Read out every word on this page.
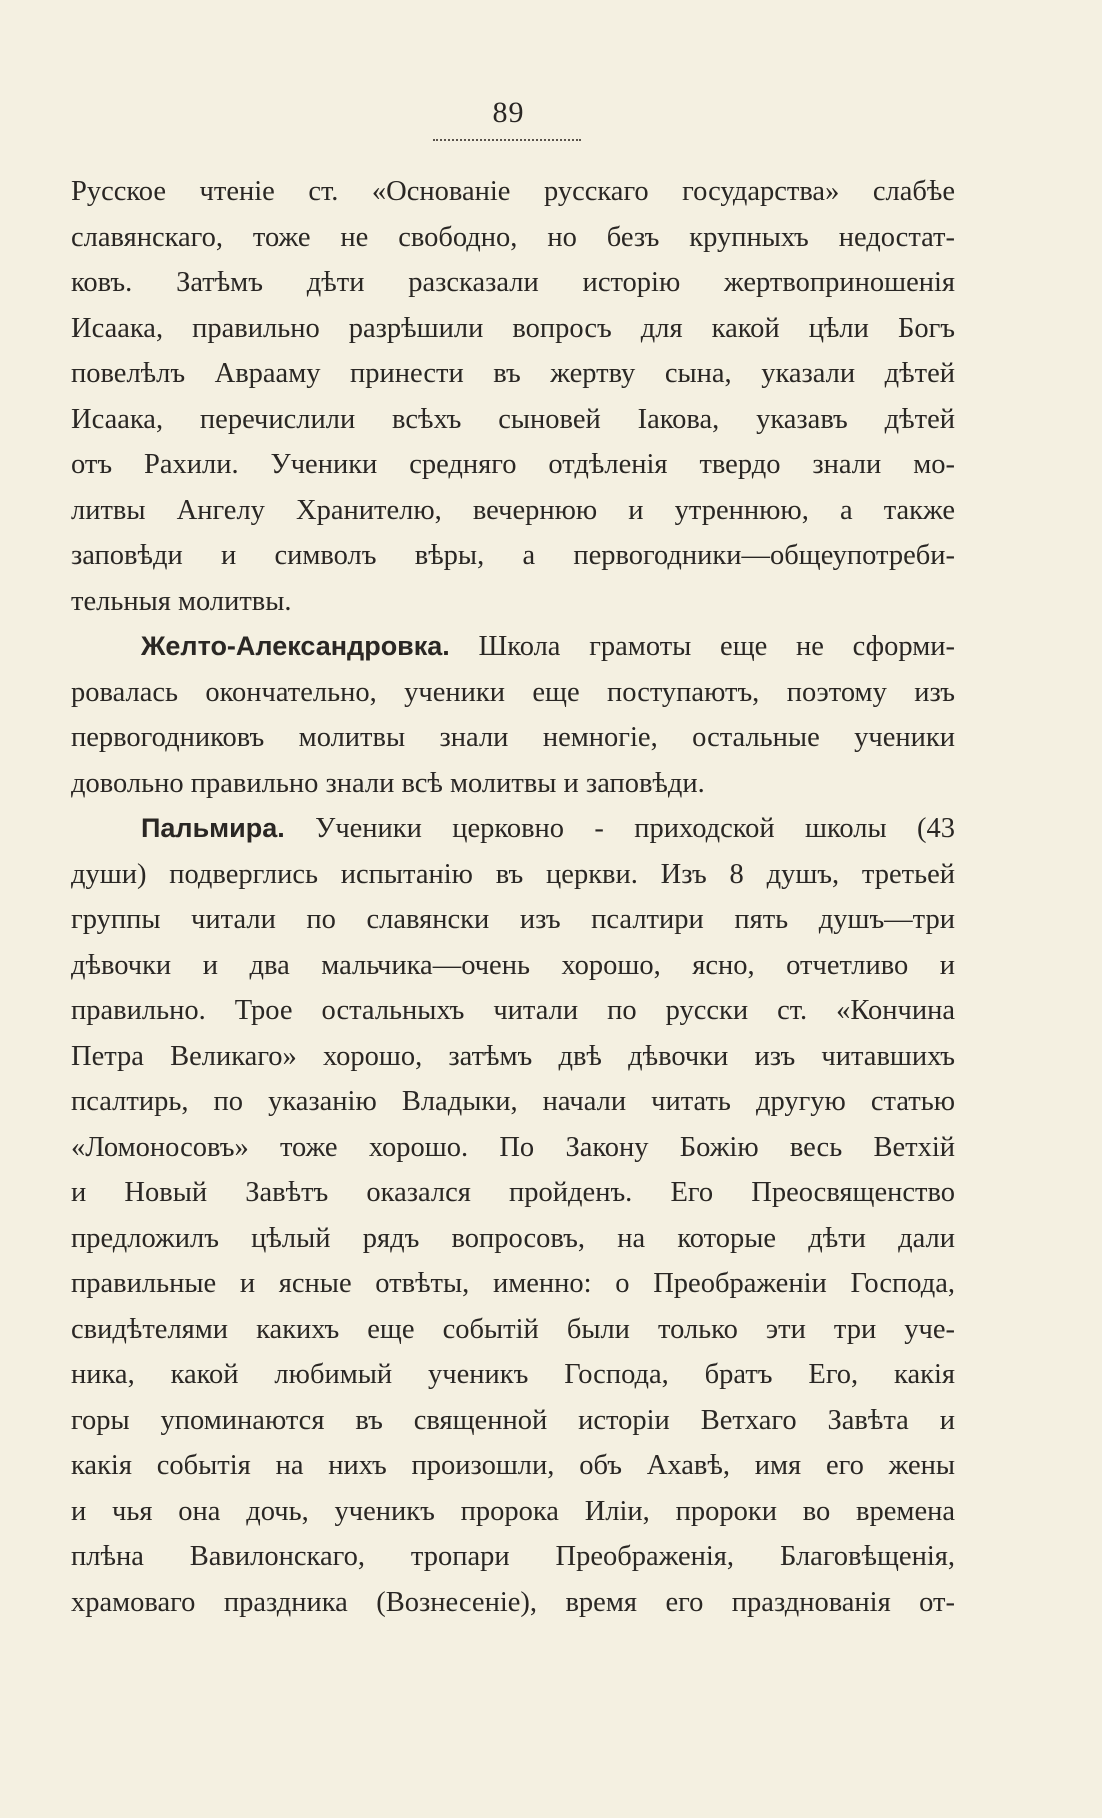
89
Русское чтеніе ст. «Основаніе русскаго государства» слабѣе
славянскаго, тоже не свободно, но безъ крупныхъ недостат-
ковъ. Затѣмъ дѣти разсказали исторію жертвоприношенія
Исаака, правильно разрѣшили вопросъ для какой цѣли Богъ
повелѣлъ Аврааму принести въ жертву сына, указали дѣтей
Исаака, перечислили всѣхъ сыновей Іакова, указавъ дѣтей
отъ Рахили. Ученики средняго отдѣленія твердо знали мо-
литвы Ангелу Хранителю, вечернюю и утреннюю, а также
заповѣди и символъ вѣры, а первогодники—общеупотреби-
тельныя молитвы.
Желто-Александровка. Школа грамоты еще не сформи-
ровалась окончательно, ученики еще поступаютъ, поэтому изъ
первогодниковъ молитвы знали немногіе, остальные ученики
довольно правильно знали всѣ молитвы и заповѣди.
Пальмира. Ученики церковно - приходской школы (43
души) подверглись испытанію въ церкви. Изъ 8 душъ, третьей
группы читали по славянски изъ псалтири пять душъ—три
дѣвочки и два мальчика—очень хорошо, ясно, отчетливо и
правильно. Трое остальныхъ читали по русски ст. «Кончина
Петра Великаго» хорошо, затѣмъ двѣ дѣвочки изъ читавшихъ
псалтирь, по указанію Владыки, начали читать другую статью
«Ломоносовъ» тоже хорошо. По Закону Божію весь Ветхій
и Новый Завѣтъ оказался пройденъ. Его Преосвященство
предложилъ цѣлый рядъ вопросовъ, на которые дѣти дали
правильные и ясные отвѣты, именно: о Преображеніи Господа,
свидѣтелями какихъ еще событій были только эти три уче-
ника, какой любимый ученикъ Господа, братъ Его, какія
горы упоминаются въ священной исторіи Ветхаго Завѣта и
какія событія на нихъ произошли, объ Ахавѣ, имя его жены
и чья она дочь, ученикъ пророка Иліи, пророки во времена
плѣна Вавилонскаго, тропари Преображенія, Благовѣщенія,
храмоваго праздника (Вознесеніе), время его празднованія от-
